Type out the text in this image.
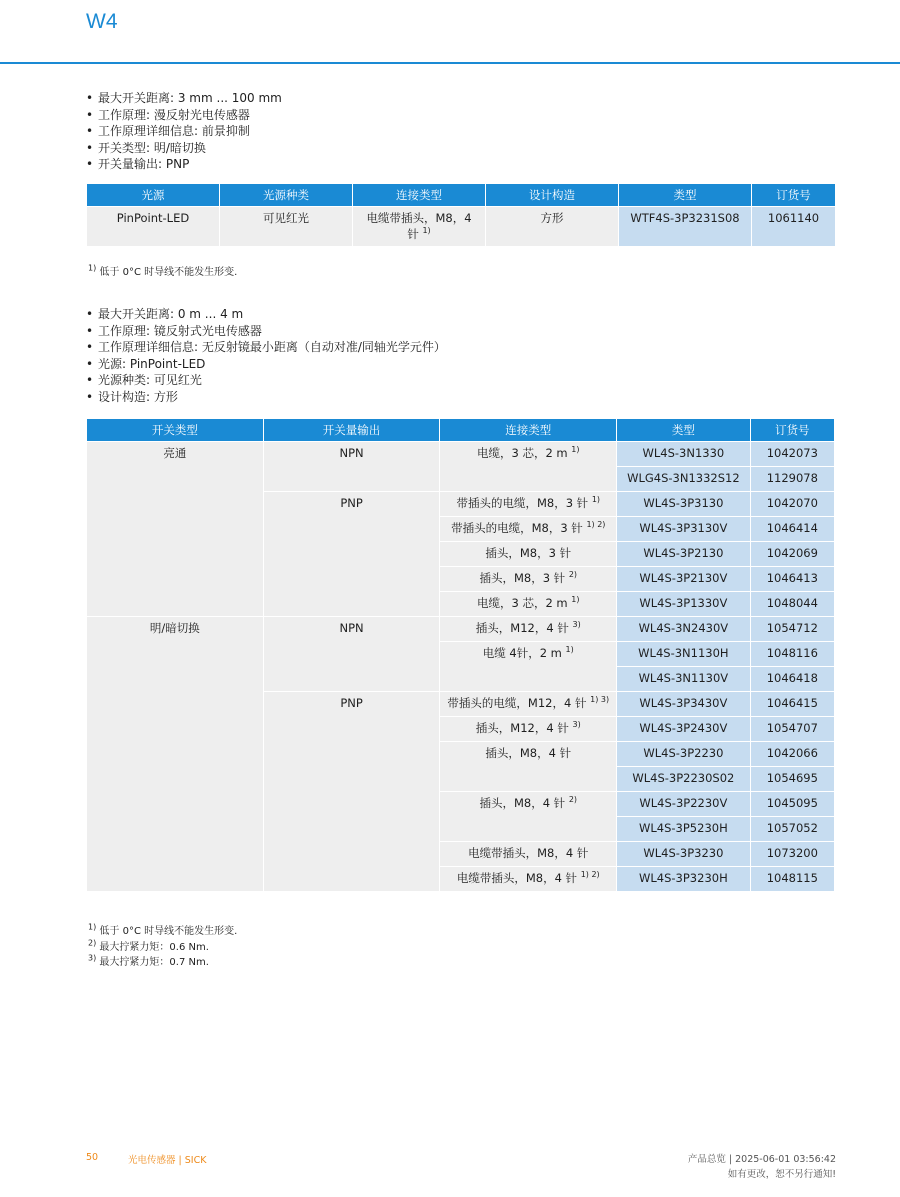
W4
• 最大开关距离: 3 mm ... 100 mm
• 工作原理: 漫反射光电传感器
• 工作原理详细信息: 前景抑制
• 开关类型: 明/暗切换
• 开关量输出: PNP
光源	光源种类	连接类型	设计构造	类型	订货号
PinPoint-LED	可见红光	电缆带插头，M8，4 针 $^{1)}$	方形	WTF4S-3P3231S08	1061140
$^{1)}$ 低于 0°C 时导线不能发生形变.
• 最大开关距离: 0 m ... 4 m
• 工作原理: 镜反射式光电传感器
• 工作原理详细信息: 无反射镜最小距离（自动对准/同轴光学元件）
• 光源: PinPoint-LED
• 光源种类: 可见红光
• 设计构造: 方形
开关类型	开关量输出	连接类型	类型	订货号
亮通	NPN	电缆，3 芯，2 m $^{1)}$	WL4S-3N1330	1042073
			WLG4S-3N1332S12	1129078
	PNP	带插头的电缆，M8，3 针 $^{1)}$	WL4S-3P3130	1042070
		带插头的电缆，M8，3 针 $^{1) 2)}$	WL4S-3P3130V	1046414
		插头，M8，3 针	WL4S-3P2130	1042069
		插头，M8，3 针 $^{2)}$	WL4S-3P2130V	1046413
		电缆，3 芯，2 m $^{1)}$	WL4S-3P1330V	1048044
明/暗切换	NPN	插头，M12，4 针 $^{3)}$	WL4S-3N2430V	1054712
		电缆 4针，2 m $^{1)}$	WL4S-3N1130H	1048116
			WL4S-3N1130V	1046418
	PNP	带插头的电缆，M12，4 针 $^{1) 3)}$	WL4S-3P3430V	1046415
		插头，M12，4 针 $^{3)}$	WL4S-3P2430V	1054707
		插头，M8，4 针	WL4S-3P2230	1042066
			WL4S-3P2230S02	1054695
		插头，M8，4 针 $^{2)}$	WL4S-3P2230V	1045095
			WL4S-3P5230H	1057052
		电缆带插头，M8，4 针	WL4S-3P3230	1073200
		电缆带插头，M8，4 针 $^{1) 2)}$	WL4S-3P3230H	1048115
$^{1)}$ 低于 0°C 时导线不能发生形变.
$^{2)}$ 最大拧紧力矩：0.6 Nm.
$^{3)}$ 最大拧紧力矩：0.7 Nm.
50	光电传感器 | SICK	产品总览 | 2025-06-01 03:56:42
如有更改，恕不另行通知!
